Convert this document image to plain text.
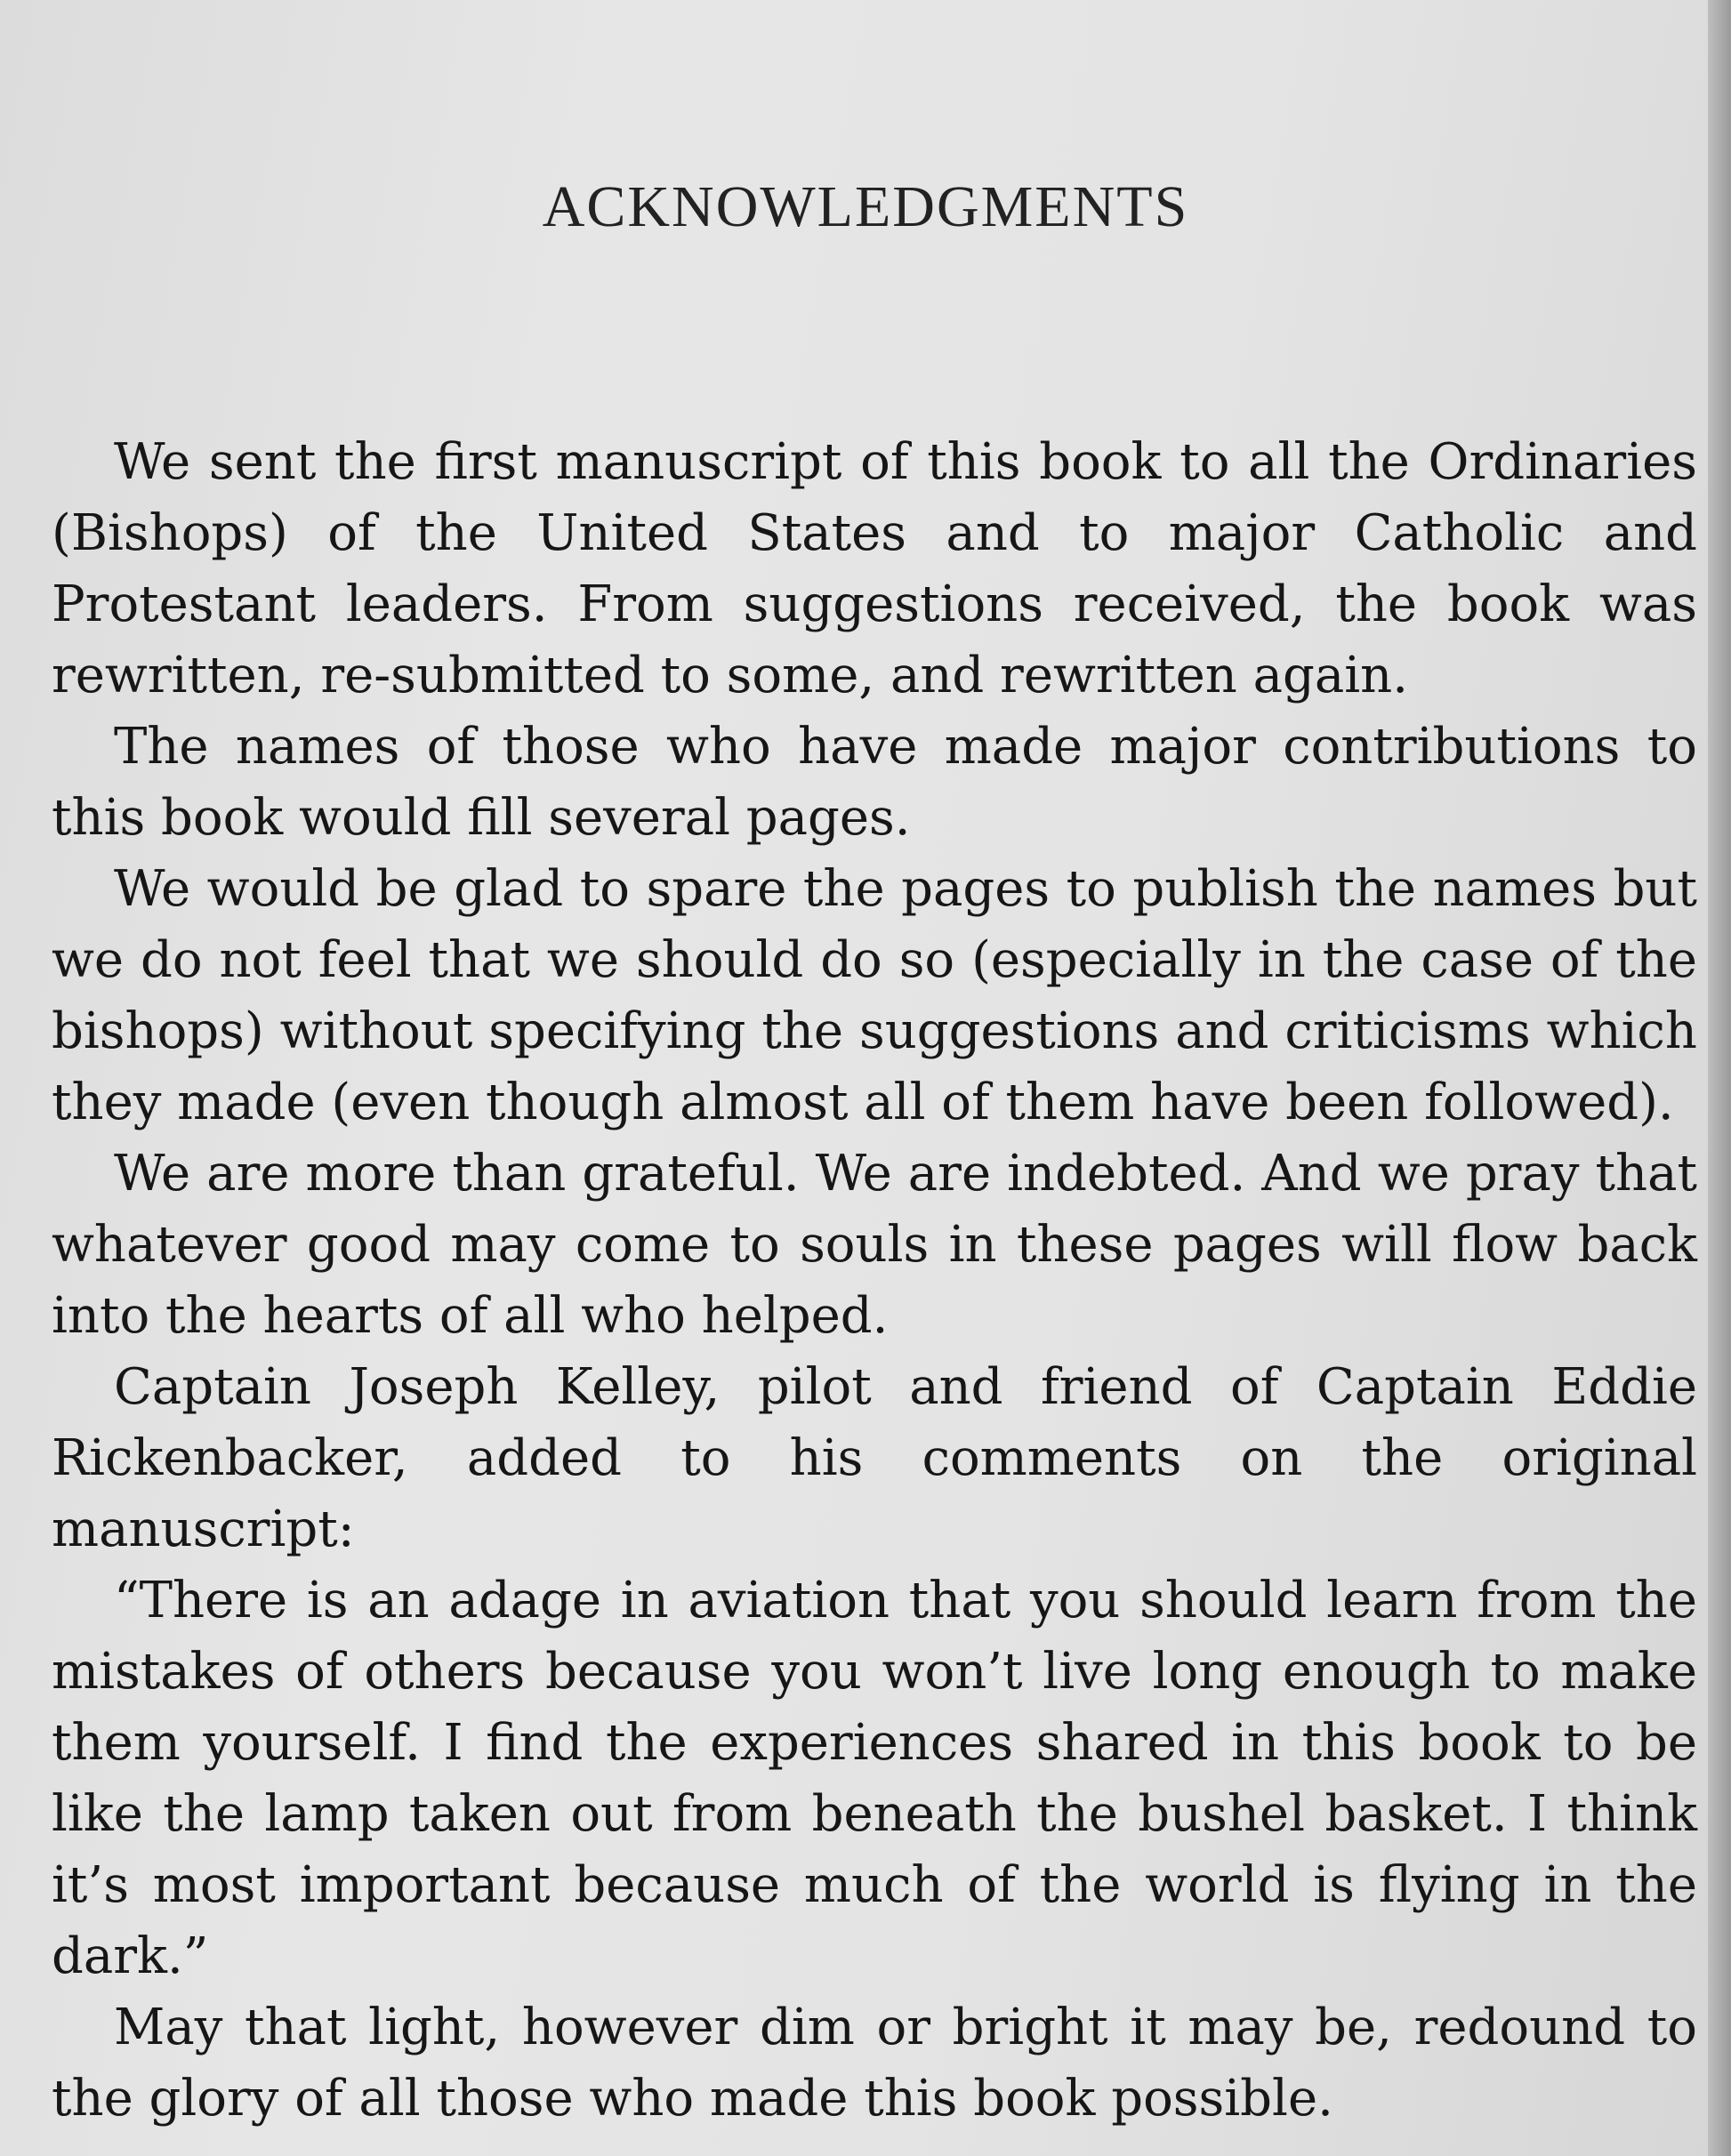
ACKNOWLEDGMENTS

We sent the first manuscript of this book to all the Ordinaries (Bishops) of the United States and to major Catholic and Protestant leaders. From suggestions received, the book was rewritten, re-submitted to some, and rewritten again.

The names of those who have made major contributions to this book would fill several pages.

We would be glad to spare the pages to publish the names but we do not feel that we should do so (especially in the case of the bishops) without specifying the suggestions and criticisms which they made (even though almost all of them have been followed).

We are more than grateful. We are indebted. And we pray that whatever good may come to souls in these pages will flow back into the hearts of all who helped.

Captain Joseph Kelley, pilot and friend of Captain Eddie Rickenbacker, added to his comments on the original manuscript:

“There is an adage in aviation that you should learn from the mistakes of others because you won’t live long enough to make them yourself. I find the experiences shared in this book to be like the lamp taken out from beneath the bushel basket. I think it’s most important because much of the world is flying in the dark.”

May that light, however dim or bright it may be, redound to the glory of all those who made this book possible.
